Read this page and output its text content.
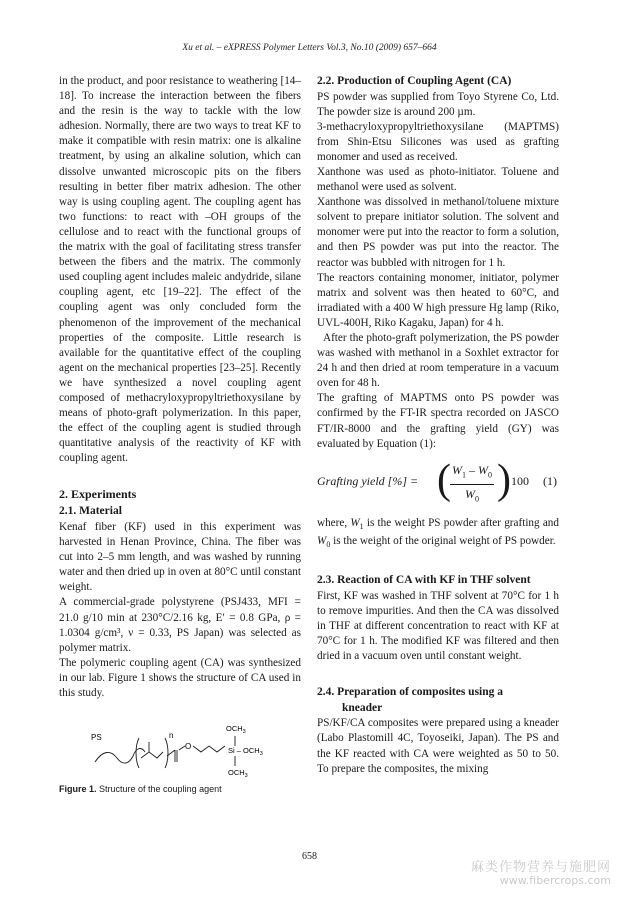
Xu et al. – eXPRESS Polymer Letters Vol.3, No.10 (2009) 657–664

in the product, and poor resistance to weathering [14–18]. To increase the interaction between the fibers and the resin is the way to tackle with the low adhesion. Normally, there are two ways to treat KF to make it compatible with resin matrix: one is alkaline treatment, by using an alkaline solution, which can dissolve unwanted microscopic pits on the fibers resulting in better fiber matrix adhesion. The other way is using coupling agent. The coupling agent has two functions: to react with –OH groups of the cellulose and to react with the functional groups of the matrix with the goal of facilitating stress transfer between the fibers and the matrix. The commonly used coupling agent includes maleic andydride, silane coupling agent, etc [19–22]. The effect of the coupling agent was only concluded form the phenomenon of the improvement of the mechanical properties of the composite. Little research is available for the quantitative effect of the coupling agent on the mechanical properties [23–25]. Recently we have synthesized a novel coupling agent composed of methacryloxypropyltriethoxysilane by means of photo-graft polymerization. In this paper, the effect of the coupling agent is studied through quantitative analysis of the reactivity of KF with coupling agent.

2. Experiments
2.1. Material

Kenaf fiber (KF) used in this experiment was harvested in Henan Province, China. The fiber was cut into 2–5 mm length, and was washed by running water and then dried up in oven at 80°C until constant weight.

A commercial-grade polystyrene (PSJ433, MFI = 21.0 g/10 min at 230°C/2.16 kg, E′ = 0.8 GPa, ρ = 1.0304 g/cm³, ν = 0.33, PS Japan) was selected as polymer matrix.

The polymeric coupling agent (CA) was synthesized in our lab. Figure 1 shows the structure of CA used in this study.

PS	n
O
$OCH_3$
Si – $OCH_3$
$OCH_3$
Figure 1. Structure of the coupling agent
2.2. Production of Coupling Agent (CA)

PS powder was supplied from Toyo Styrene Co, Ltd. The powder size is around 200 µm.

3-methacryloxypropyltriethoxysilane (MAPTMS) from Shin-Etsu Silicones was used as grafting monomer and used as received.

Xanthone was used as photo-initiator. Toluene and methanol were used as solvent.

Xanthone was dissolved in methanol/toluene mixture solvent to prepare initiator solution. The solvent and monomer were put into the reactor to form a solution, and then PS powder was put into the reactor. The reactor was bubbled with nitrogen for 1 h.

The reactors containing monomer, initiator, polymer matrix and solvent was then heated to 60°C, and irradiated with a 400 W high pressure Hg lamp (Riko, UVL-400H, Riko Kagaku, Japan) for 4 h.

After the photo-graft polymerization, the PS powder was washed with methanol in a Soxhlet extractor for 24 h and then dried at room temperature in a vacuum oven for 48 h.

The grafting of MAPTMS onto PS powder was confirmed by the FT-IR spectra recorded on JASCO FT/IR-8000 and the grafting yield (GY) was evaluated by Equation (1):

Grafting yield [%] = ( $W_1 - W_0$
$W_0$ ) 100 (1)

where, $W_1$ is the weight PS powder after grafting and $W_0$ is the weight of the original weight of PS powder.

2.3. Reaction of CA with KF in THF solvent

First, KF was washed in THF solvent at 70°C for 1 h to remove impurities. And then the CA was dissolved in THF at different concentration to react with KF at 70°C for 1 h. The modified KF was filtered and then dried in a vacuum oven until constant weight.

2.4. Preparation of composites using a
kneader

PS/KF/CA composites were prepared using a kneader (Labo Plastomill 4C, Toyoseiki, Japan). The PS and the KF reacted with CA were weighted as 50 to 50. To prepare the composites, the mixing

658
麻类作物营养与施肥网
www.fibercrops.com
